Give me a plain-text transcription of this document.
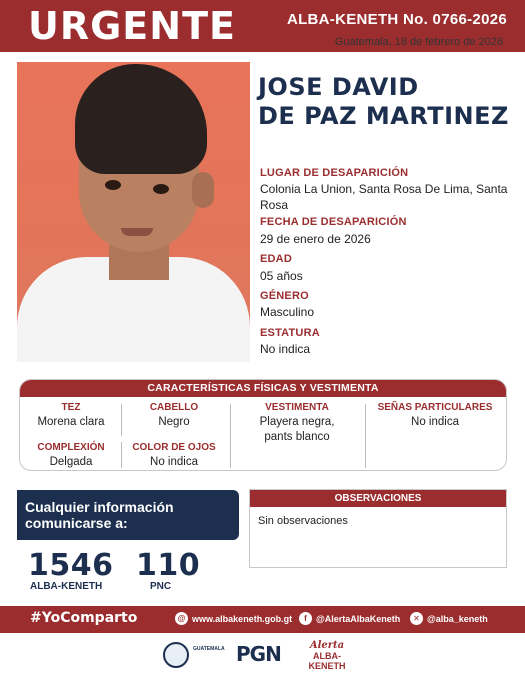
URGENTE	ALBA-KENETH No. 0766-2026
Guatemala, 18 de febrero de 2026
JOSE DAVID
DE PAZ MARTINEZ
LUGAR DE DESAPARICIÓN
Colonia La Union, Santa Rosa De Lima, Santa Rosa
FECHA DE DESAPARICIÓN
29 de enero de 2026
EDAD
05 años
GÉNERO
Masculino
ESTATURA
No indica
CARACTERÍSTICAS FÍSICAS Y VESTIMENTA
TEZ
Morena clara
COMPLEXIÓN
Delgada
CABELLO
Negro
COLOR DE OJOS
No indica
VESTIMENTA
Playera negra,
pants blanco
SEÑAS PARTICULARES
No indica
Cualquier información
comunicarse a:
OBSERVACIONES
Sin observaciones
1546
ALBA-KENETH
110
PNC
#YoComparto	@ www.albakeneth.gob.gt	f	@AlertaAlbaKeneth	✕ @alba_keneth
GUATEMALA PGN	Alerta
ALBA-KENETH
